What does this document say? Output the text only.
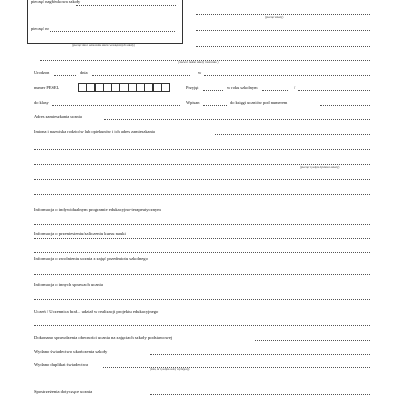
pieczęć nagłówkowa szkoły
pieczęć nr
(pieczęć data i oznaczenie aktów wewnętrznych szkoły)
(pieczęć szkoły)
( nazwa i numer szkoły i nazwisko )
Urodzon	dnia	w
numer PESEL	Przyjęt	w roku szkolnym	/
do klasy	Wpisan	do księgi uczniów pod numerem
Adres zamieszkania ucznia
Imiona i nazwiska rodziców lub opiekunów i ich adres zamieszkania
(pieczęć i podpis dyrektora szkoły)
Informacja o indywidualnym programie edukacyjno-terapeutycznym
Informacja o przeniesieniu/zaliczeniu kursu nauki
Informacja o zwolnieniu ucznia z zajęć przedmiotu szkolnego
Informacja o innych sprawach ucznia
Uczeń / Uczennica brał... udział w realizacji projektu edukacyjnego
Dokonano sprawdzenia obecności ucznia na zajęciach szkoły podstawowej
Wydano świadectwo ukończenia szkoły
Wydano duplikat świadectwa
(data, nr i podpis osoby wydającej)
Spostrzeżenia dotyczące ucznia
